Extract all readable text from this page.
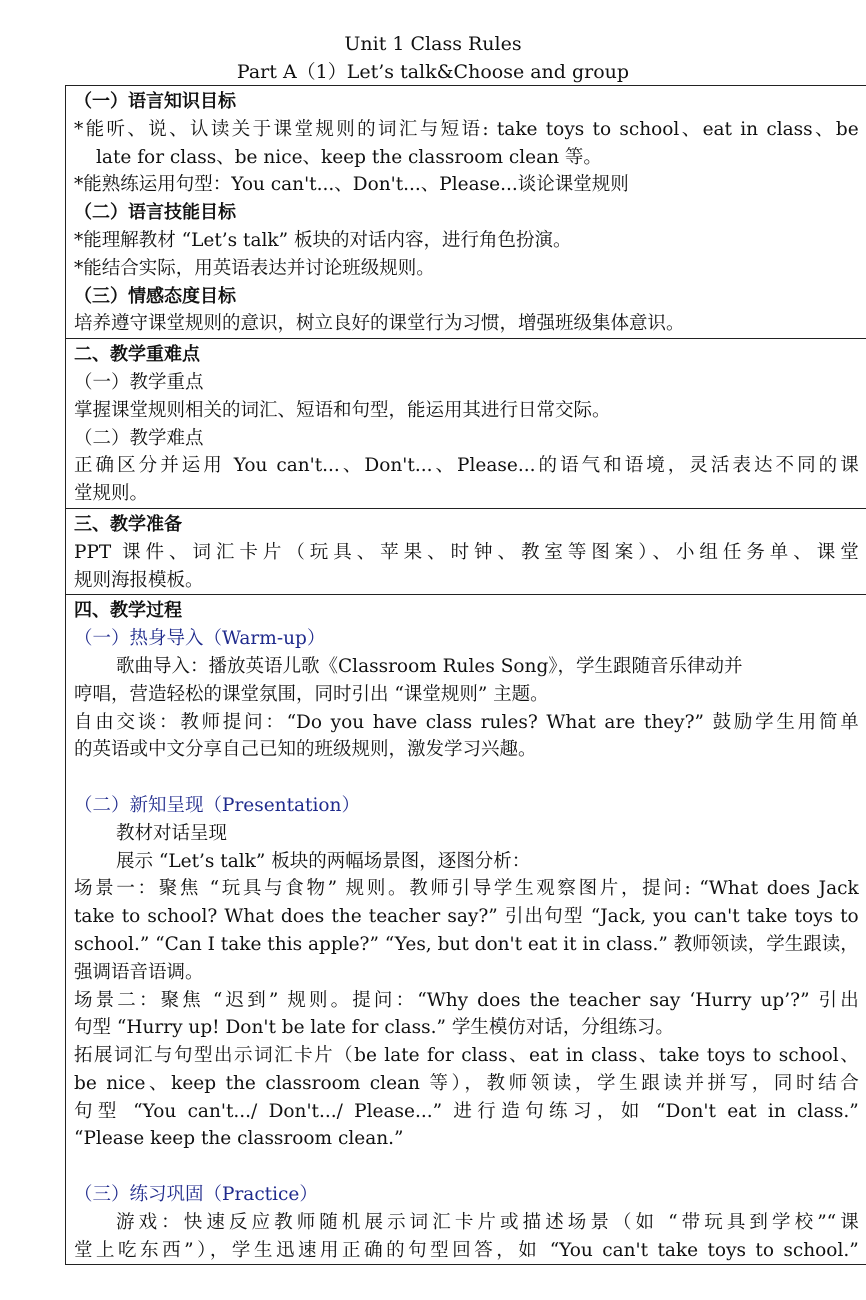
Unit 1 Class Rules
Part A（1）Let’s talk&Choose and group
（一）语言知识目标
*能听、说、认读关于课堂规则的词汇与短语: take toys to school、eat in class、be
late for class、be nice、keep the classroom clean 等。
*能熟练运用句型：You can't...、Don't...、Please...谈论课堂规则
（二）语言技能目标
*能理解教材 “Let’s talk” 板块的对话内容，进行角色扮演。
*能结合实际，用英语表达并讨论班级规则。
（三）情感态度目标
培养遵守课堂规则的意识，树立良好的课堂行为习惯，增强班级集体意识。

二、教学重难点
（一）教学重点
掌握课堂规则相关的词汇、短语和句型，能运用其进行日常交际。
（二）教学难点
正确区分并运用 You can't...、Don't...、Please...的语气和语境，灵活表达不同的课
堂规则。

三、教学准备
PPT 课件、词汇卡片（玩具、苹果、时钟、教室等图案）、小组任务单、课堂
规则海报模板。

四、教学过程
（一）热身导入（Warm-up）
歌曲导入：播放英语儿歌《Classroom Rules Song》，学生跟随音乐律动并
哼唱，营造轻松的课堂氛围，同时引出 “课堂规则” 主题。
自由交谈：教师提问：“Do you have class rules? What are they?” 鼓励学生用简单
的英语或中文分享自己已知的班级规则，激发学习兴趣。
（二）新知呈现（Presentation）
教材对话呈现
展示 “Let’s talk” 板块的两幅场景图，逐图分析：
场景一：聚焦 “玩具与食物” 规则。教师引导学生观察图片，提问: “What does Jack
take to school? What does the teacher say?” 引出句型 “Jack, you can't take toys to
school.” “Can I take this apple?” “Yes, but don't eat it in class.” 教师领读，学生跟读，
强调语音语调。
场景二：聚焦 “迟到” 规则。提问：“Why does the teacher say ‘Hurry up’?” 引出
句型 “Hurry up! Don't be late for class.” 学生模仿对话，分组练习。
拓展词汇与句型出示词汇卡片（be late for class、eat in class、take toys to school、
be nice、keep the classroom clean 等），教师领读，学生跟读并拼写，同时结合
句型 “You can't.../ Don't.../ Please...” 进行造句练习，如 “Don't eat in class.”
“Please keep the classroom clean.”
（三）练习巩固（Practice）
游戏：快速反应教师随机展示词汇卡片或描述场景（如 “带玩具到学校”“课
堂上吃东西”），学生迅速用正确的句型回答，如 “You can't take toys to school.”
